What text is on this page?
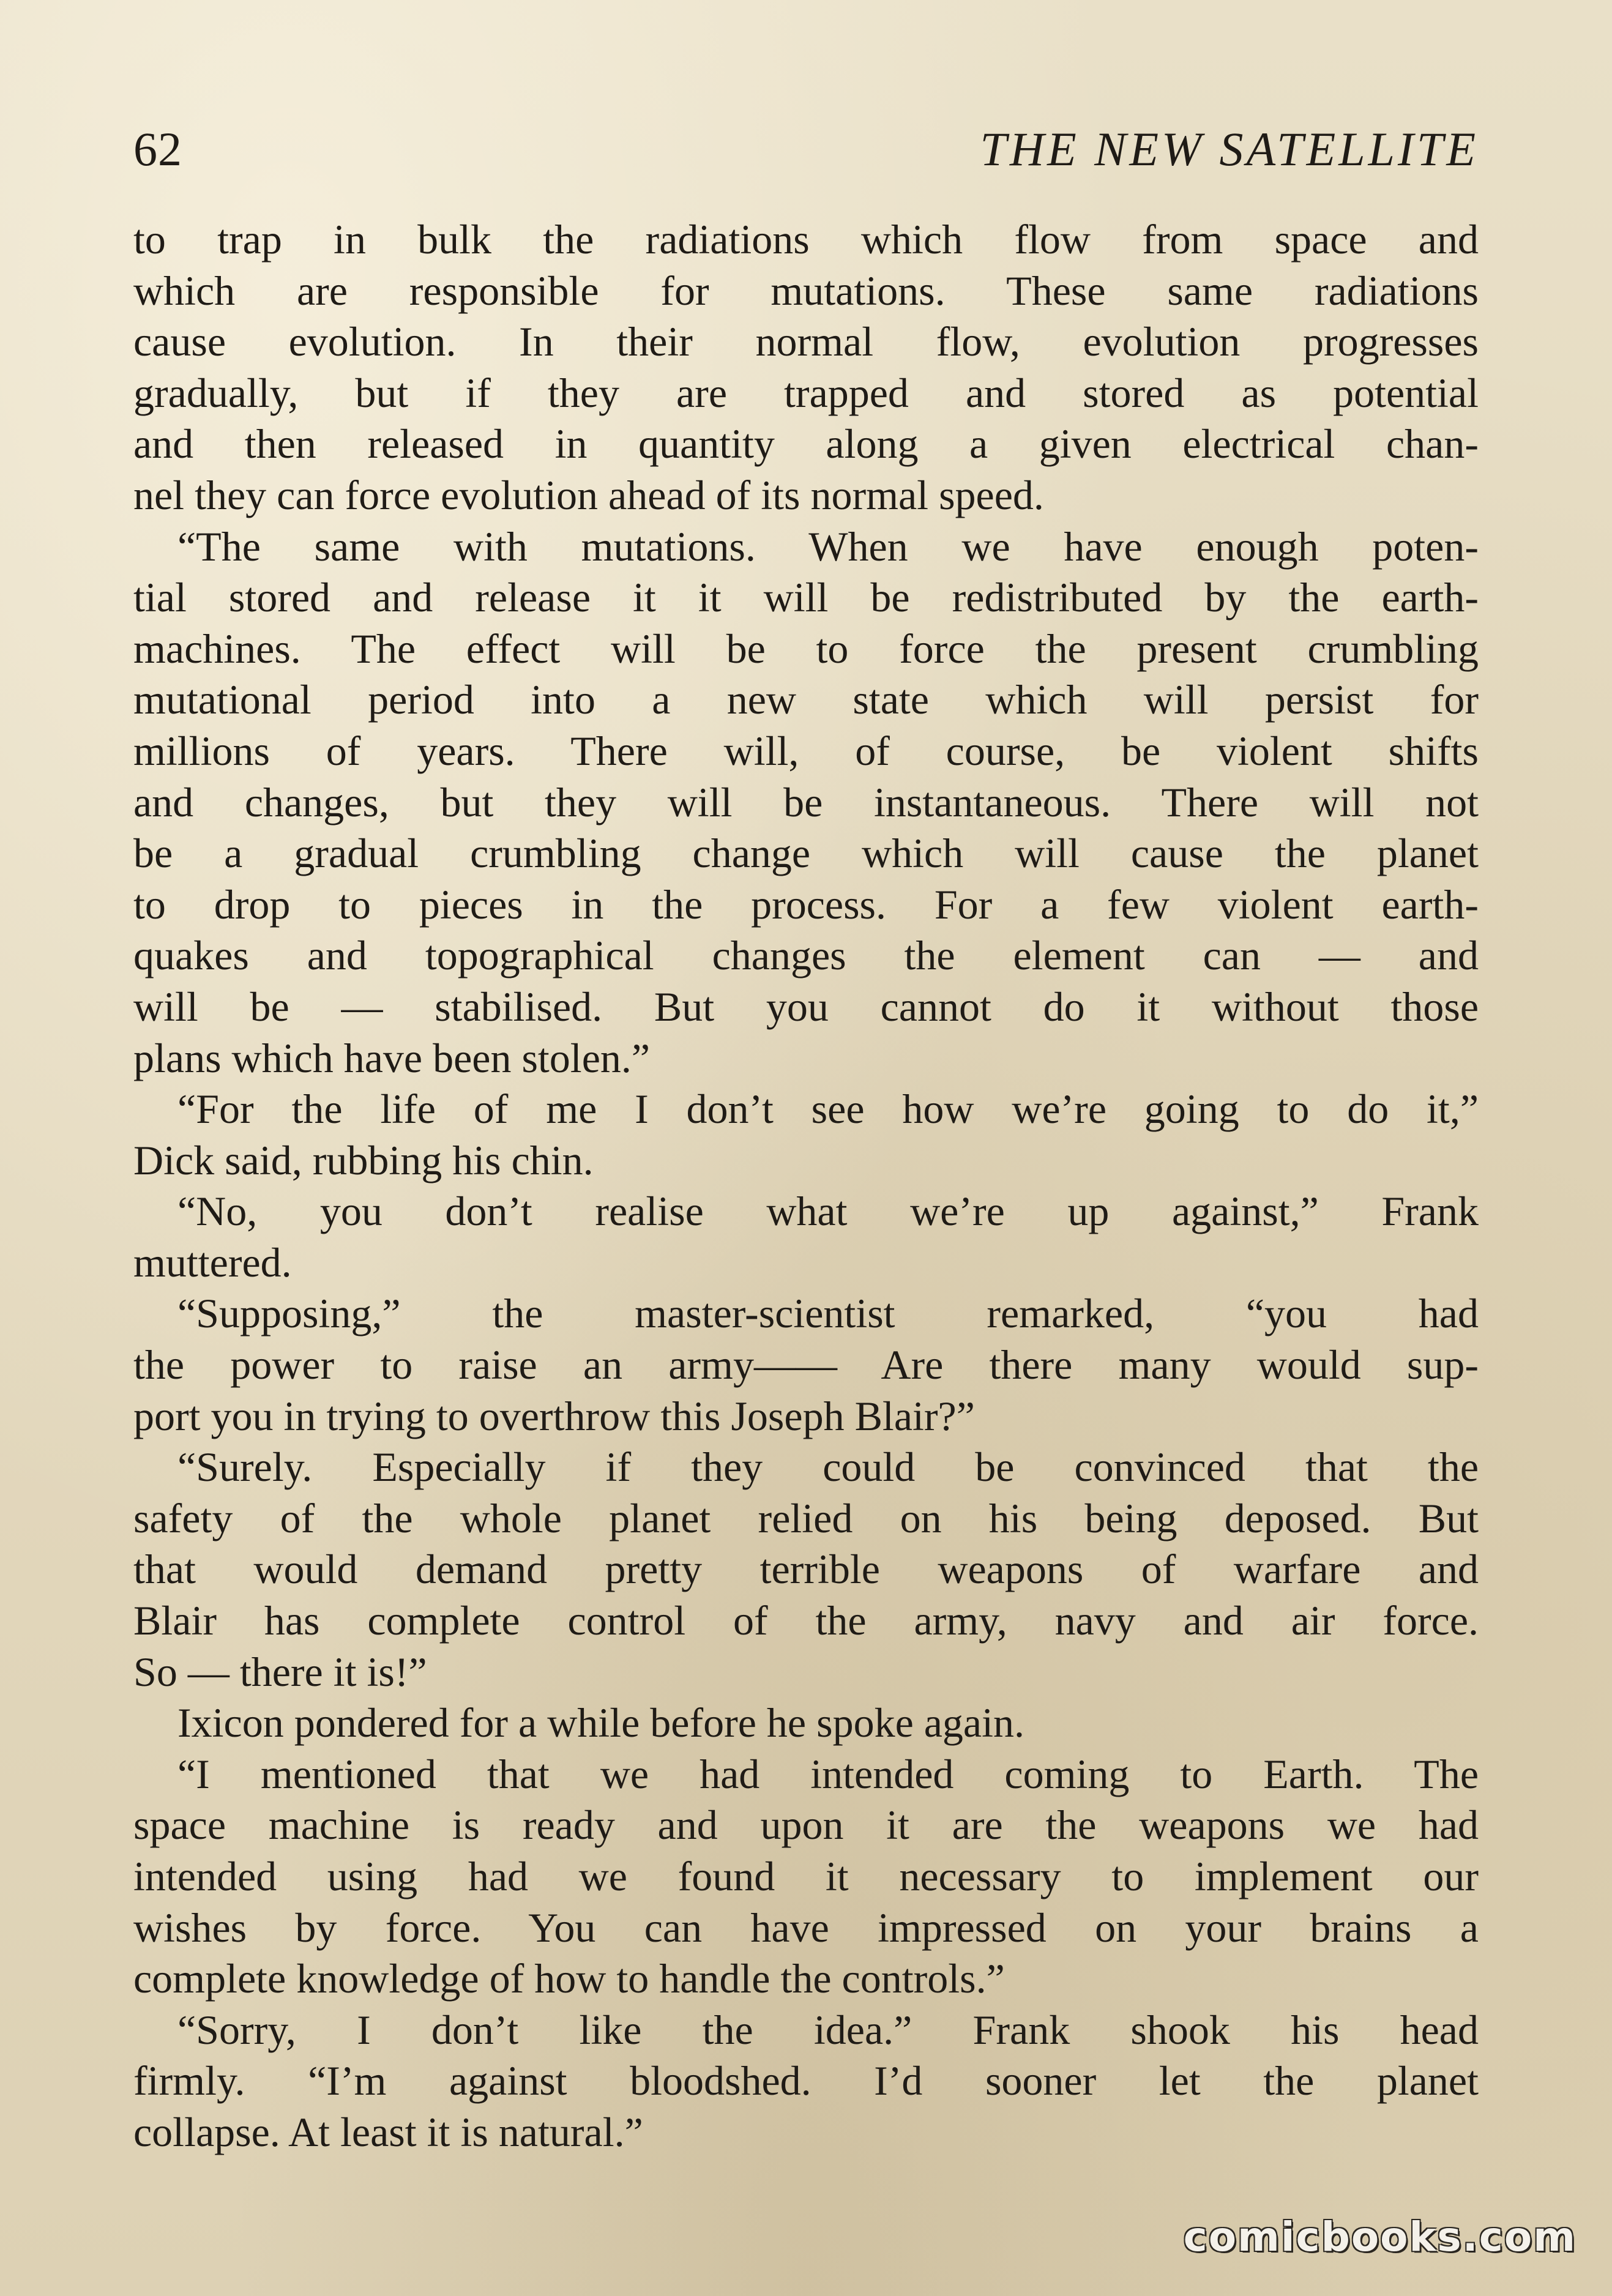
62	THE NEW SATELLITE
to trap in bulk the radiations which flow from space and
which are responsible for mutations. These same radiations
cause evolution. In their normal flow, evolution progresses
gradually, but if they are trapped and stored as potential
and then released in quantity along a given electrical chan-
nel they can force evolution ahead of its normal speed.
“The same with mutations. When we have enough poten-
tial stored and release it it will be redistributed by the earth-
machines. The effect will be to force the present crumbling
mutational period into a new state which will persist for
millions of years. There will, of course, be violent shifts
and changes, but they will be instantaneous. There will not
be a gradual crumbling change which will cause the planet
to drop to pieces in the process. For a few violent earth-
quakes and topographical changes the element can — and
will be — stabilised. But you cannot do it without those
plans which have been stolen.”
“For the life of me I don’t see how we’re going to do it,”
Dick said, rubbing his chin.
“No, you don’t realise what we’re up against,” Frank
muttered.
“Supposing,” the master-scientist remarked, “you had
the power to raise an army—— Are there many would sup-
port you in trying to overthrow this Joseph Blair?”
“Surely. Especially if they could be convinced that the
safety of the whole planet relied on his being deposed. But
that would demand pretty terrible weapons of warfare and
Blair has complete control of the army, navy and air force.
So — there it is!”
Ixicon pondered for a while before he spoke again.
“I mentioned that we had intended coming to Earth. The
space machine is ready and upon it are the weapons we had
intended using had we found it necessary to implement our
wishes by force. You can have impressed on your brains a
complete knowledge of how to handle the controls.”
“Sorry, I don’t like the idea.” Frank shook his head
firmly. “I’m against bloodshed. I’d sooner let the planet
collapse. At least it is natural.”
comicbooks.com
